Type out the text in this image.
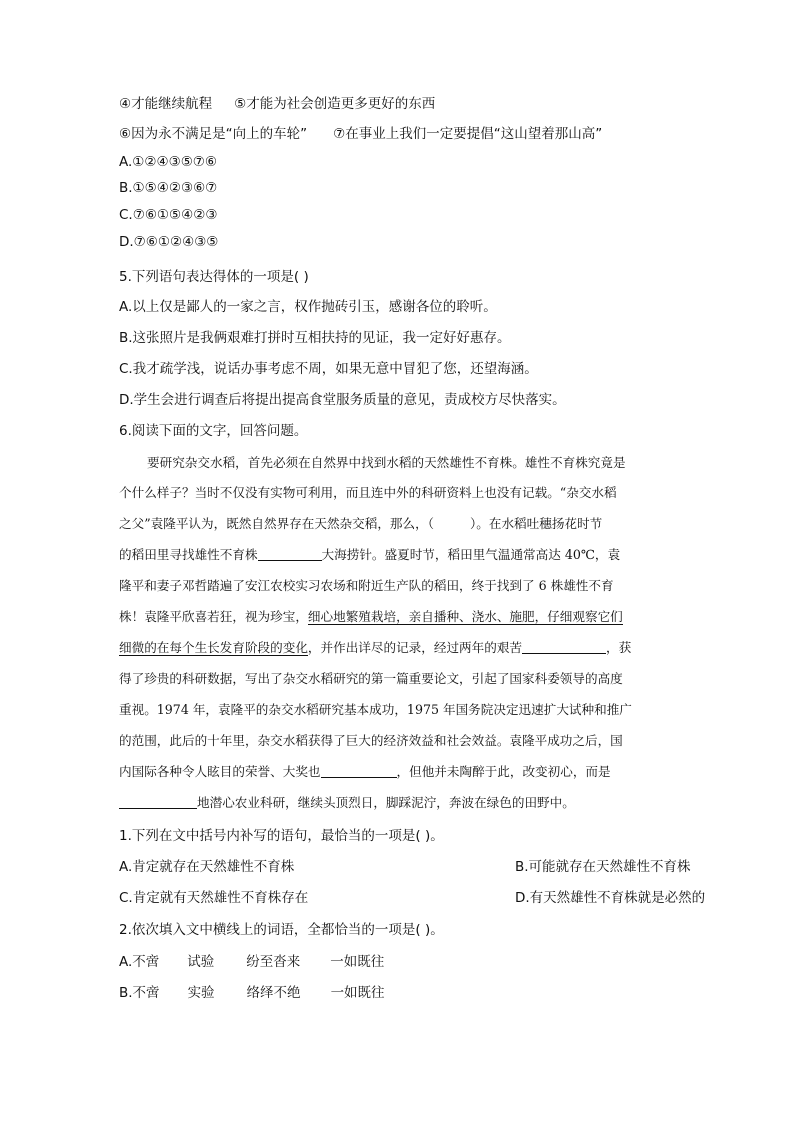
④才能继续航程 ⑤才能为社会创造更多更好的东西
⑥因为永不满足是“向上的车轮” ⑦在事业上我们一定要提倡“这山望着那山高”
A.①②④③⑤⑦⑥
B.①⑤④②③⑥⑦
C.⑦⑥①⑤④②③
D.⑦⑥①②④③⑤
5.下列语句表达得体的一项是( )
A.以上仅是鄙人的一家之言，权作抛砖引玉，感谢各位的聆听。
B.这张照片是我俩艰难打拼时互相扶持的见证，我一定好好惠存。
C.我才疏学浅，说话办事考虑不周，如果无意中冒犯了您，还望海涵。
D.学生会进行调查后将提出提高食堂服务质量的意见，责成校方尽快落实。
6.阅读下面的文字，回答问题。
要研究杂交水稻，首先必须在自然界中找到水稻的天然雄性不育株。雄性不育株究竟是
个什么样子？当时不仅没有实物可利用，而且连中外的科研资料上也没有记载。“杂交水稻
之父”袁隆平认为，既然自然界存在天然杂交稻，那么，（	）。在水稻吐穗扬花时节
的稻田里寻找雄性不育株	大海捞针。盛夏时节，稻田里气温通常高达 40℃，袁
隆平和妻子邓哲踏遍了安江农校实习农场和附近生产队的稻田，终于找到了 6 株雄性不育
株！袁隆平欣喜若狂，视为珍宝，细心地繁殖栽培，亲自播种、浇水、施肥，仔细观察它们
细微的在每个生长发育阶段的变化，并作出详尽的记录，经过两年的艰苦	，获
得了珍贵的科研数据，写出了杂交水稻研究的第一篇重要论文，引起了国家科委领导的高度
重视。1974 年，袁隆平的杂交水稻研究基本成功，1975 年国务院决定迅速扩大试种和推广
的范围，此后的十年里，杂交水稻获得了巨大的经济效益和社会效益。袁隆平成功之后，国
内国际各种令人眩目的荣誉、大奖也	，但他并未陶醉于此，改变初心，而是
地潜心农业科研，继续头顶烈日，脚踩泥泞，奔波在绿色的田野中。
1.下列在文中括号内补写的语句，最恰当的一项是( )。
A.肯定就存在天然雄性不育株	B.可能就存在天然雄性不育株
C.肯定就有天然雄性不育株存在	D.有天然雄性不育株就是必然的
2.依次填入文中横线上的词语，全都恰当的一项是( )。
A.不啻 试验 纷至沓来 一如既往
B.不啻 实验 络绎不绝 一如既往
